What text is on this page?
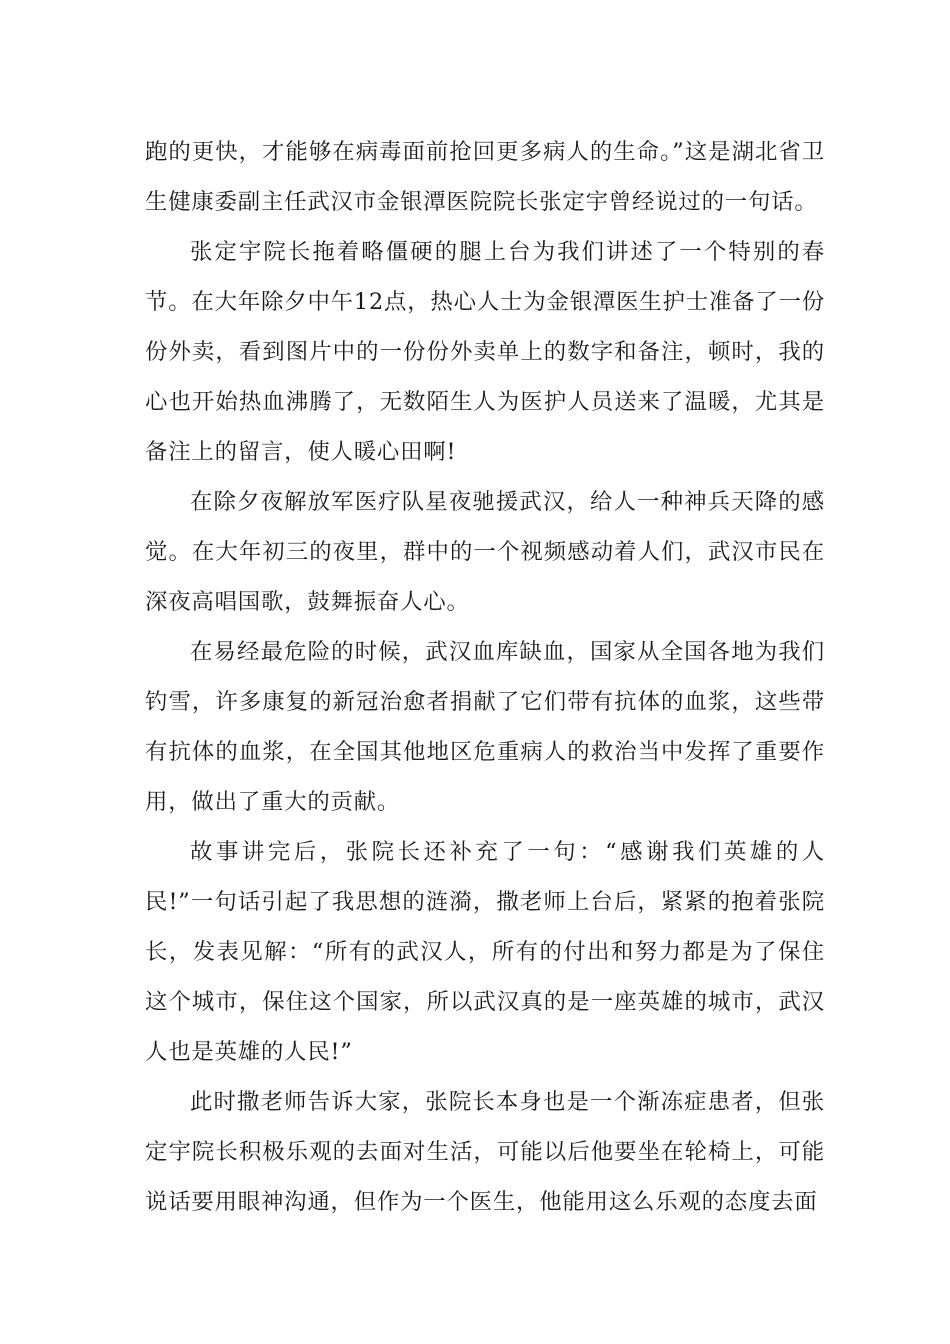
跑的更快，才能够在病毒面前抢回更多病人的生命。”这是湖北省卫生健康委副主任武汉市金银潭医院院长张定宇曾经说过的一句话。

张定宇院长拖着略僵硬的腿上台为我们讲述了一个特别的春节。在大年除夕中午12点，热心人士为金银潭医生护士准备了一份份外卖，看到图片中的一份份外卖单上的数字和备注，顿时，我的心也开始热血沸腾了，无数陌生人为医护人员送来了温暖，尤其是备注上的留言，使人暖心田啊!

在除夕夜解放军医疗队星夜驰援武汉，给人一种神兵天降的感觉。在大年初三的夜里，群中的一个视频感动着人们，武汉市民在深夜高唱国歌，鼓舞振奋人心。

在易经最危险的时候，武汉血库缺血，国家从全国各地为我们钓雪，许多康复的新冠治愈者捐献了它们带有抗体的血浆，这些带有抗体的血浆，在全国其他地区危重病人的救治当中发挥了重要作用，做出了重大的贡献。

故事讲完后，张院长还补充了一句：“感谢我们英雄的人民!”一句话引起了我思想的涟漪，撒老师上台后，紧紧的抱着张院长，发表见解：“所有的武汉人，所有的付出和努力都是为了保住这个城市，保住这个国家，所以武汉真的是一座英雄的城市，武汉人也是英雄的人民!”

此时撒老师告诉大家，张院长本身也是一个渐冻症患者，但张定宇院长积极乐观的去面对生活，可能以后他要坐在轮椅上，可能说话要用眼神沟通，但作为一个医生，他能用这么乐观的态度去面
